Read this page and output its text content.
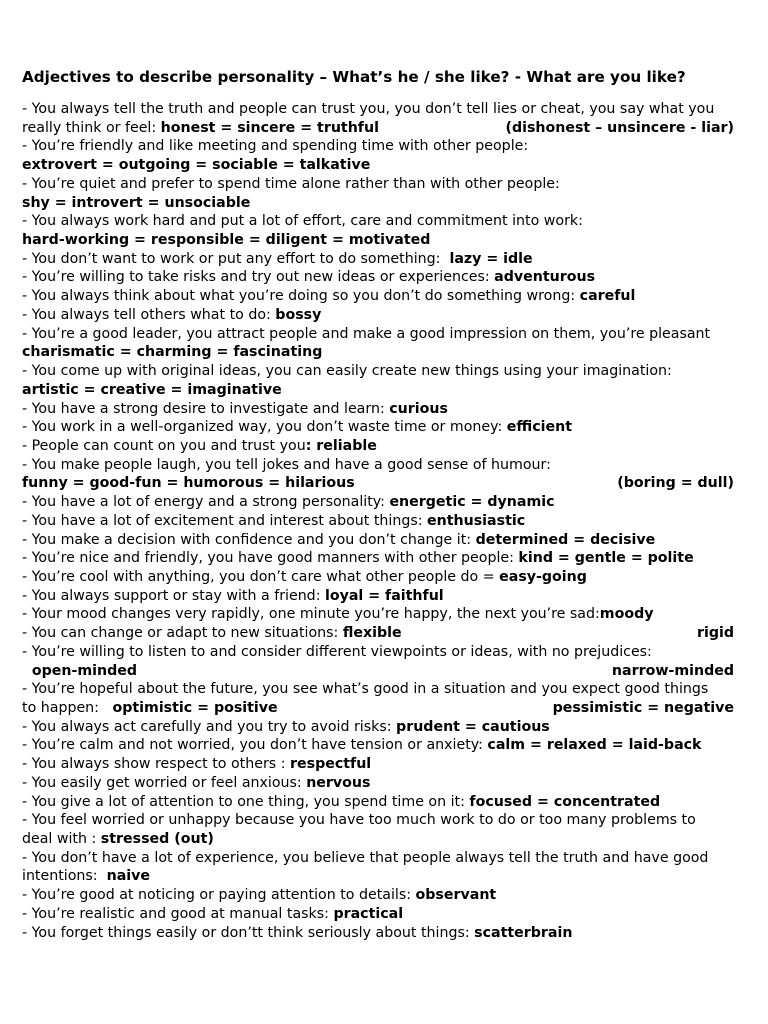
Adjectives to describe personality – What’s he / she like? - What are you like?
- You always tell the truth and people can trust you, you don’t tell lies or cheat, you say what you
really think or feel: honest = sincere = truthful	(dishonest – unsincere - liar)
- You’re friendly and like meeting and spending time with other people:
extrovert = outgoing = sociable = talkative
- You’re quiet and prefer to spend time alone rather than with other people:
shy = introvert = unsociable
- You always work hard and put a lot of effort, care and commitment into work:
hard-working = responsible = diligent = motivated
- You don’t want to work or put any effort to do something:  lazy = idle
- You’re willing to take risks and try out new ideas or experiences: adventurous
- You always think about what you’re doing so you don’t do something wrong: careful
- You always tell others what to do: bossy
- You’re a good leader, you attract people and make a good impression on them, you’re pleasant
charismatic = charming = fascinating
- You come up with original ideas, you can easily create new things using your imagination:
artistic = creative = imaginative
- You have a strong desire to investigate and learn: curious
- You work in a well-organized way, you don’t waste time or money: efficient
- People can count on you and trust you: reliable
- You make people laugh, you tell jokes and have a good sense of humour:
funny = good-fun = humorous = hilarious	(boring = dull)
- You have a lot of energy and a strong personality: energetic = dynamic
- You have a lot of excitement and interest about things: enthusiastic
- You make a decision with confidence and you don’t change it: determined = decisive
- You’re nice and friendly, you have good manners with other people: kind = gentle = polite
- You’re cool with anything, you don’t care what other people do = easy-going
- You always support or stay with a friend: loyal = faithful
- Your mood changes very rapidly, one minute you’re happy, the next you’re sad:moody
- You can change or adapt to new situations: flexible	rigid
- You’re willing to listen to and consider different viewpoints or ideas, with no prejudices:
open-minded	narrow-minded
- You’re hopeful about the future, you see what’s good in a situation and you expect good things
to happen:   optimistic = positive	pessimistic = negative
- You always act carefully and you try to avoid risks: prudent = cautious
- You’re calm and not worried, you don’t have tension or anxiety: calm = relaxed = laid-back
- You always show respect to others : respectful
- You easily get worried or feel anxious: nervous
- You give a lot of attention to one thing, you spend time on it: focused = concentrated
- You feel worried or unhappy because you have too much work to do or too many problems to
deal with : stressed (out)
- You don’t have a lot of experience, you believe that people always tell the truth and have good
intentions:  naive
- You’re good at noticing or paying attention to details: observant
- You’re realistic and good at manual tasks: practical
- You forget things easily or don’tt think seriously about things: scatterbrain
